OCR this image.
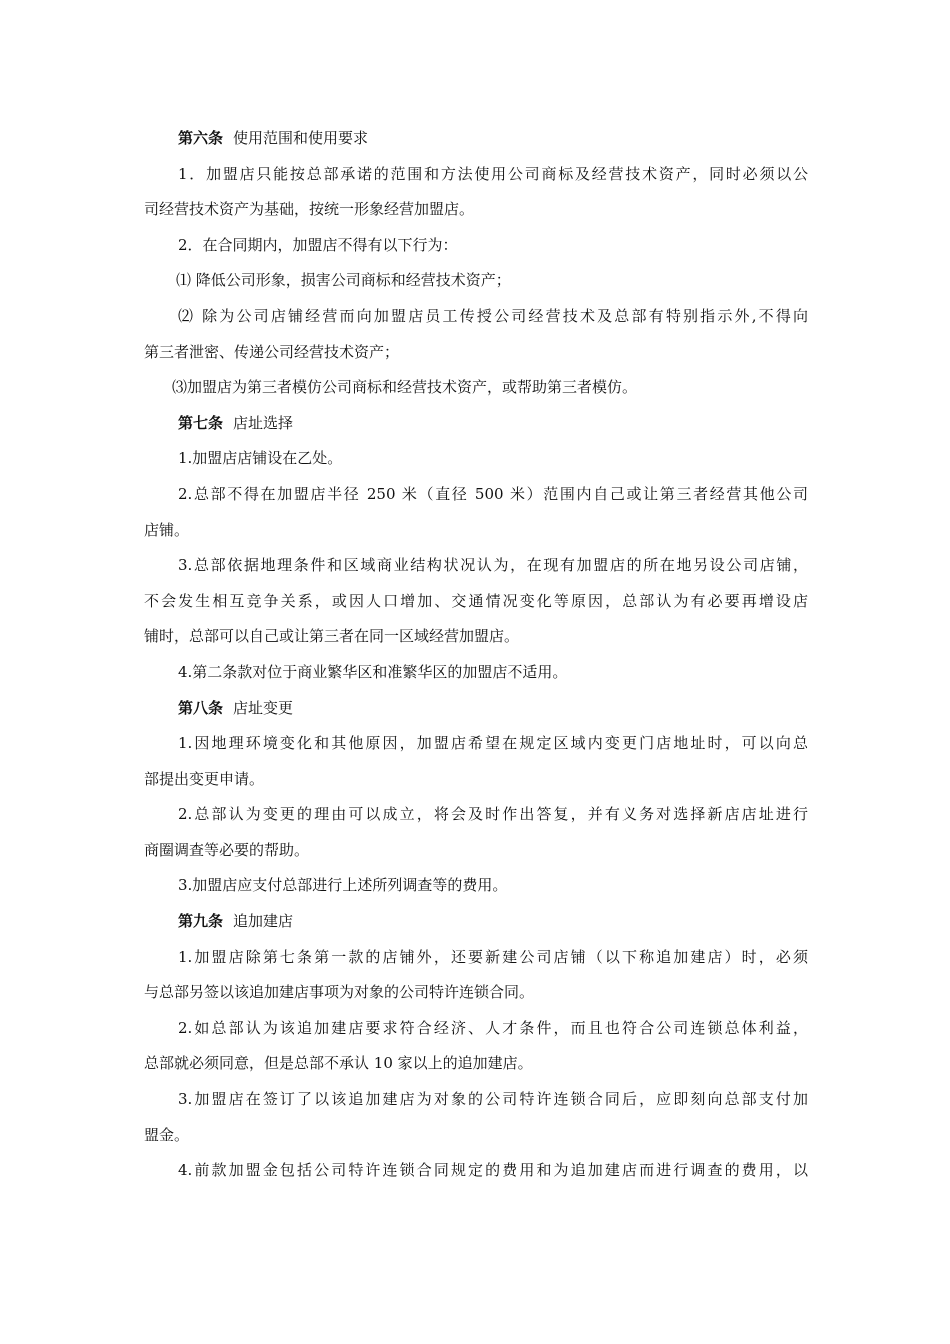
第六条 使用范围和使用要求
1．加盟店只能按总部承诺的范围和方法使用公司商标及经营技术资产，同时必须以公
司经营技术资产为基础，按统一形象经营加盟店。
2．在合同期内，加盟店不得有以下行为：
⑴ 降低公司形象，损害公司商标和经营技术资产；
⑵ 除为公司店铺经营而向加盟店员工传授公司经营技术及总部有特别指示外,不得向
第三者泄密、传递公司经营技术资产；
⑶加盟店为第三者模仿公司商标和经营技术资产，或帮助第三者模仿。
第七条 店址选择
1.加盟店店铺设在乙处。
2.总部不得在加盟店半径 250 米（直径 500 米）范围内自己或让第三者经营其他公司
店铺。
3.总部依据地理条件和区域商业结构状况认为，在现有加盟店的所在地另设公司店铺，
不会发生相互竞争关系，或因人口增加、交通情况变化等原因，总部认为有必要再增设店
铺时，总部可以自己或让第三者在同一区域经营加盟店。
4.第二条款对位于商业繁华区和准繁华区的加盟店不适用。
第八条 店址变更
1.因地理环境变化和其他原因，加盟店希望在规定区域内变更门店地址时，可以向总
部提出变更申请。
2.总部认为变更的理由可以成立，将会及时作出答复，并有义务对选择新店店址进行
商圈调查等必要的帮助。
3.加盟店应支付总部进行上述所列调查等的费用。
第九条 追加建店
1.加盟店除第七条第一款的店铺外，还要新建公司店铺（以下称追加建店）时，必须
与总部另签以该追加建店事项为对象的公司特许连锁合同。
2.如总部认为该追加建店要求符合经济、人才条件，而且也符合公司连锁总体利益，
总部就必须同意，但是总部不承认 10 家以上的追加建店。
3.加盟店在签订了以该追加建店为对象的公司特许连锁合同后，应即刻向总部支付加
盟金。
4.前款加盟金包括公司特许连锁合同规定的费用和为追加建店而进行调查的费用，以
